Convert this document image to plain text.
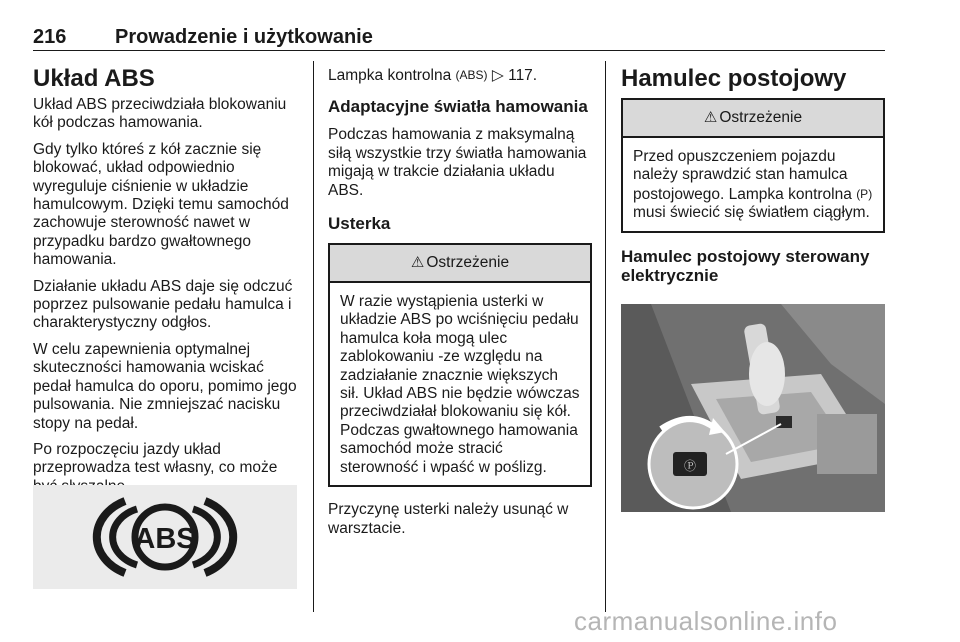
216 Prowadzenie i użytkowanie
Układ ABS

Układ ABS przeciwdziała blokowaniu kół podczas hamowania.

Gdy tylko któreś z kół zacznie się blokować, układ odpowiednio wyreguluje ciśnienie w układzie hamulcowym. Dzięki temu samochód zachowuje sterowność nawet w przypadku bardzo gwałtownego hamowania.

Działanie układu ABS daje się odczuć poprzez pulsowanie pedału hamulca i charakterystyczny odgłos.

W celu zapewnienia optymalnej skuteczności hamowania wciskać pedał hamulca do oporu, pomimo jego pulsowania. Nie zmniejszać nacisku stopy na pedał.

Po rozpoczęciu jazdy układ przeprowadza test własny, co może

ABS

Lampka kontrolna (ABS) ▷ 117.

Adaptacyjne światła hamowania

Podczas hamowania z maksymalną siłą wszystkie trzy światła hamowania migają w trakcie działania układu ABS.

Usterka
⚠ Ostrzeżenie

W razie wystąpienia usterki w układzie ABS po wciśnięciu pedału hamulca koła mogą ulec zablokowaniu -ze względu na zadziałanie znacznie większych sił. Układ ABS nie będzie wówczas przeciwdziałał blokowaniu się kół. Podczas gwałtownego hamowania samochód może stracić sterowność i wpaść w poślizg.

Przyczynę usterki należy usunąć w warsztacie.

Hamulec postojowy
⚠ Ostrzeżenie

Przed opuszczeniem pojazdu należy sprawdzić stan hamulca postojowego. Lampka kontrolna (P) musi świecić się światłem ciągłym.

Hamulec postojowy sterowany elektrycznie
Ⓟ
carmanualsonline.info
